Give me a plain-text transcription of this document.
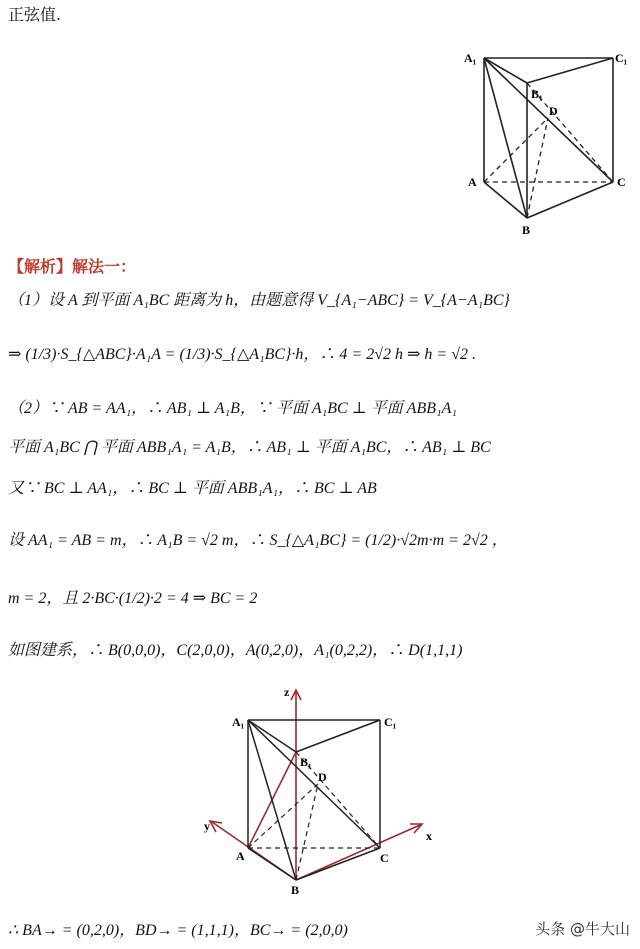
正弦值.
A₁	C₁
B₁
D
A	C
B
【解析】解法一：
（1）设 A 到平面 A₁BC 距离为 h，由题意得 V_{A₁−ABC} = V_{A−A₁BC}
⇒ (1/3)·S_{△ABC}·A₁A = (1/3)·S_{△A₁BC}·h，∴ 4 = 2√2 h ⇒ h = √2 .
（2）∵ AB = AA₁，∴ AB₁ ⊥ A₁B，∵ 平面 A₁BC ⊥ 平面 ABB₁A₁
平面 A₁BC ⋂ 平面 ABB₁A₁ = A₁B，∴ AB₁ ⊥ 平面 A₁BC，∴ AB₁ ⊥ BC
又∵ BC ⊥ AA₁，∴ BC ⊥ 平面 ABB₁A₁，∴ BC ⊥ AB
设 AA₁ = AB = m，∴ A₁B = √2 m，∴ S_{△A₁BC} = (1/2)·√2m·m = 2√2 ，
m = 2，且 2·BC·(1/2)·2 = 4 ⇒ BC = 2
如图建系，∴ B(0,0,0)，C(2,0,0)，A(0,2,0)，A₁(0,2,2)，∴ D(1,1,1)
z
A₁	C₁
B₁
D
y
x
A	C
B
∴ BA→ = (0,2,0)，BD→ = (1,1,1)，BC→ = (2,0,0)	头条 @牛大山
